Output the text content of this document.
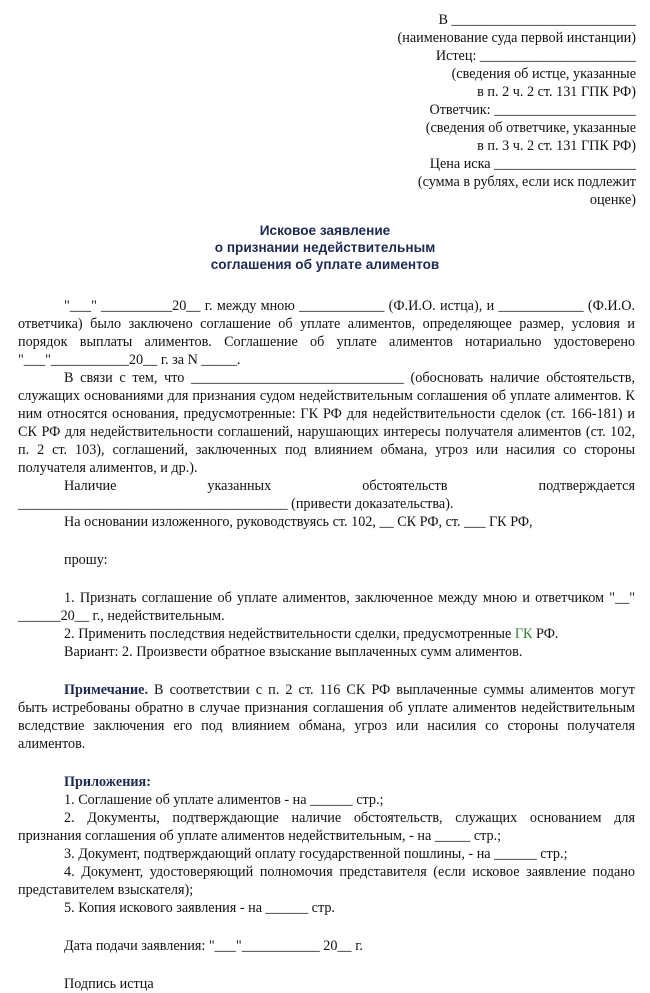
В __________________________
(наименование суда первой инстанции)
Истец: ______________________
(сведения об истце, указанные
в п. 2 ч. 2 ст. 131 ГПК РФ)
Ответчик: ____________________
(сведения об ответчике, указанные
в п. 3 ч. 2 ст. 131 ГПК РФ)
Цена иска ____________________
(сумма в рублях, если иск подлежит
оценке)
Исковое заявление
о признании недействительным
соглашения об уплате алиментов
"___" __________20__ г. между мною ____________ (Ф.И.О. истца), и ____________ (Ф.И.О. ответчика) было заключено соглашение об уплате алиментов, определяющее размер, условия и порядок выплаты алиментов. Соглашение об уплате алиментов нотариально удостоверено "___"___________20__ г. за N _____.
В связи с тем, что ______________________________ (обосновать наличие обстоятельств, служащих основаниями для признания судом недействительным соглашения об уплате алиментов. К ним относятся основания, предусмотренные: ГК РФ для недействительности сделок (ст. 166-181) и СК РФ для недействительности соглашений, нарушающих интересы получателя алиментов (ст. 102, п. 2 ст. 103), соглашений, заключенных под влиянием обмана, угроз или насилия со стороны получателя алиментов, и др.).
Наличие указанных обстоятельств подтверждается ______________________________________ (привести доказательства).
На основании изложенного, руководствуясь ст. 102, __ СК РФ, ст. ___ ГК РФ,
прошу:
1. Признать соглашение об уплате алиментов, заключенное между мною и ответчиком "__" ______20__ г., недействительным.
2. Применить последствия недействительности сделки, предусмотренные ГК РФ.
Вариант: 2. Произвести обратное взыскание выплаченных сумм алиментов.
Примечание. В соответствии с п. 2 ст. 116 СК РФ выплаченные суммы алиментов могут быть истребованы обратно в случае признания соглашения об уплате алиментов недействительным вследствие заключения его под влиянием обмана, угроз или насилия со стороны получателя алиментов.
Приложения:
1. Соглашение об уплате алиментов - на ______ стр.;
2. Документы, подтверждающие наличие обстоятельств, служащих основанием для признания соглашения об уплате алиментов недействительным, - на _____ стр.;
3. Документ, подтверждающий оплату государственной пошлины, - на ______ стр.;
4. Документ, удостоверяющий полномочия представителя (если исковое заявление подано представителем взыскателя);
5. Копия искового заявления - на ______ стр.
Дата подачи заявления: "___"___________ 20__ г.
Подпись истца
